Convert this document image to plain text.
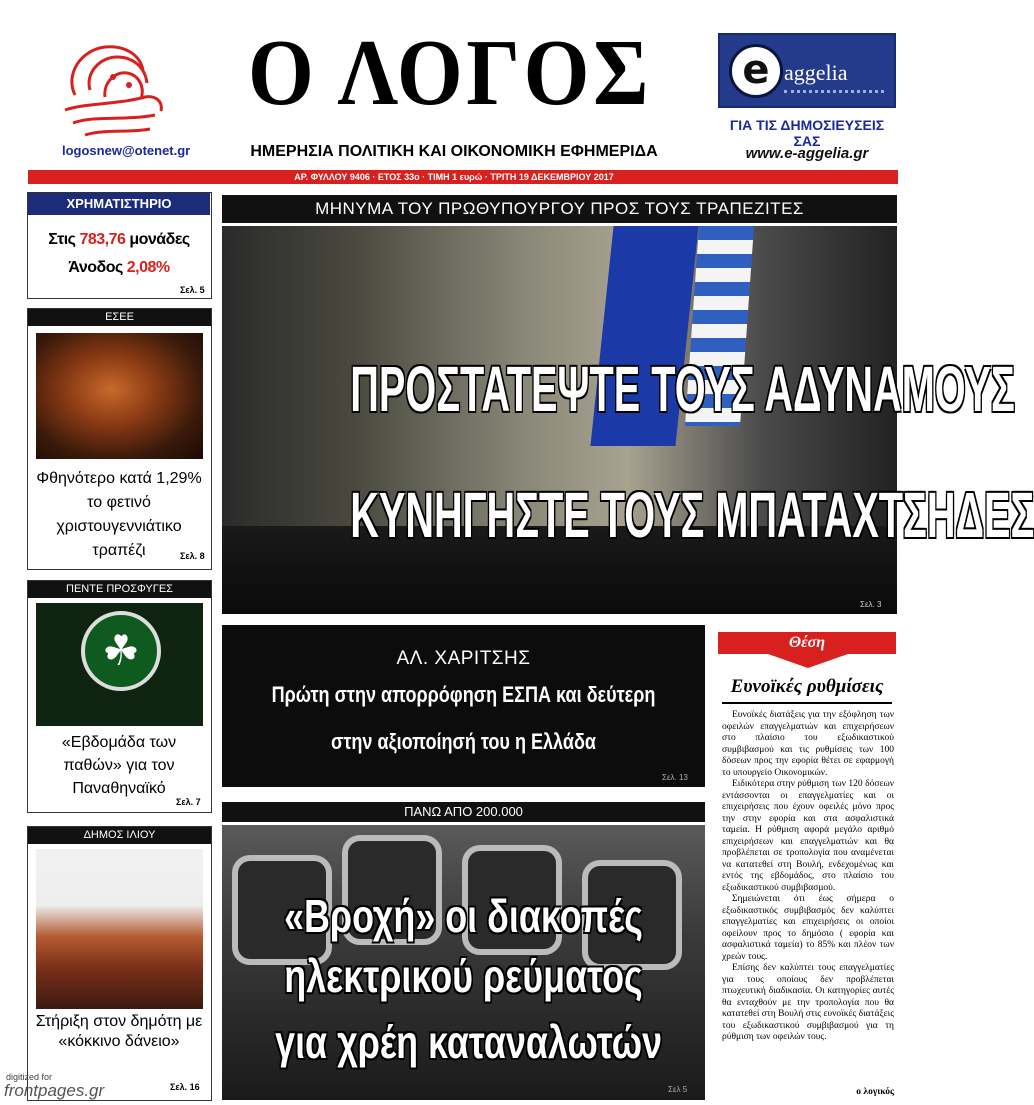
logosnew@otenet.gr
Ο ΛΟΓΟΣ
ΗΜΕΡΗΣΙΑ ΠΟΛΙΤΙΚΗ ΚΑΙ ΟΙΚΟΝΟΜΙΚΗ ΕΦΗΜΕΡΙΔΑ
e aggelia
ΓΙΑ ΤΙΣ ΔΗΜΟΣΙΕΥΣΕΙΣ ΣΑΣ
www.e-aggelia.gr
ΑΡ. ΦΥΛΛΟΥ 9406 · ΕΤΟΣ 33ο · ΤΙΜΗ 1 ευρώ · ΤΡΙΤΗ 19 ΔΕΚΕΜΒΡΙΟΥ 2017
ΧΡΗΜΑΤΙΣΤΗΡΙΟ
Στις 783,76 μονάδες
Άνοδος 2,08%
Σελ. 5
ΕΣΕΕ
Φθηνότερο κατά 1,29% το φετινό χριστουγεννιάτικο τραπέζι	Σελ. 8
ΠΕΝΤΕ ΠΡΟΣΦΥΓΕΣ
☘
«Εβδομάδα των παθών» για τον Παναθηναϊκό
Σελ. 7
ΔΗΜΟΣ ΙΛΙΟΥ
Στήριξη στον δημότη με «κόκκινο δάνειο»
Σελ. 16
ΜΗΝΥΜΑ ΤΟΥ ΠΡΩΘΥΠΟΥΡΓΟΥ ΠΡΟΣ ΤΟΥΣ ΤΡΑΠΕΖΙΤΕΣ
ΠΡΟΣΤΑΤΕΨΤΕ ΤΟΥΣ ΑΔΥΝΑΜΟΥΣ
ΚΥΝΗΓΗΣΤΕ ΤΟΥΣ ΜΠΑΤΑΧΤΣΗΔΕΣ
Σελ. 3
ΑΛ. ΧΑΡΙΤΣΗΣ
Πρώτη στην απορρόφηση ΕΣΠΑ και δεύτερη
στην αξιοποίησή του η Ελλάδα
Σελ. 13
ΠΑΝΩ ΑΠΟ 200.000
«Βροχή» οι διακοπές
ηλεκτρικού ρεύματος
για χρέη καταναλωτών
Σελ 5
Θέση
Ευνοϊκές ρυθμίσεις

Ευνοϊκές διατάξεις για την εξόφληση των οφειλών επαγγελματιών και επιχειρήσεων στο πλαίσιο του εξωδικαστικού συμβιβασμού και τις ρυθμίσεις των 100 δόσεων προς την εφορία θέτει σε εφαρμογή το υπουργείο Οικονομικών.

Ειδικότερα στην ρύθμιση των 120 δόσεων εντάσσονται οι επαγγελματίες και οι επιχειρήσεις που έχουν οφειλές μόνο προς την στην εφορία και στα ασφαλιστικά ταμεία. Η ρύθμιση αφορά μεγάλο αριθμό επιχειρήσεων και επαγγελματιών και θα προβλέπεται σε τροπολογία που αναμένεται να κατατεθεί στη Βουλή, ενδεχομένως και εντός της εβδομάδος, στο πλαίσιο του εξωδικαστικού συμβιβασμού.

Σημειώνεται ότι έως σήμερα ο εξωδικαστικός συμβιβασμός δεν καλύπτει επαγγελματίες και επιχειρήσεις οι οποίοι οφείλουν προς το δημόσιο ( εφορία και ασφαλιστικά ταμεία) το 85% και πλέον των χρεών τους.

Επίσης δεν καλύπτει τους επαγγελματίες για τους οποίους δεν προβλέπεται πτωχευτική διαδικασία. Οι κατηγορίες αυτές θα ενταχθούν με την τροπολογία που θα κατατεθεί στη Βουλή στις ευνοϊκές διατάξεις του εξωδικαστικού συμβιβασμού για τη ρύθμιση των οφειλών τους.

ο λογικός
digitized for
frontpages.gr
